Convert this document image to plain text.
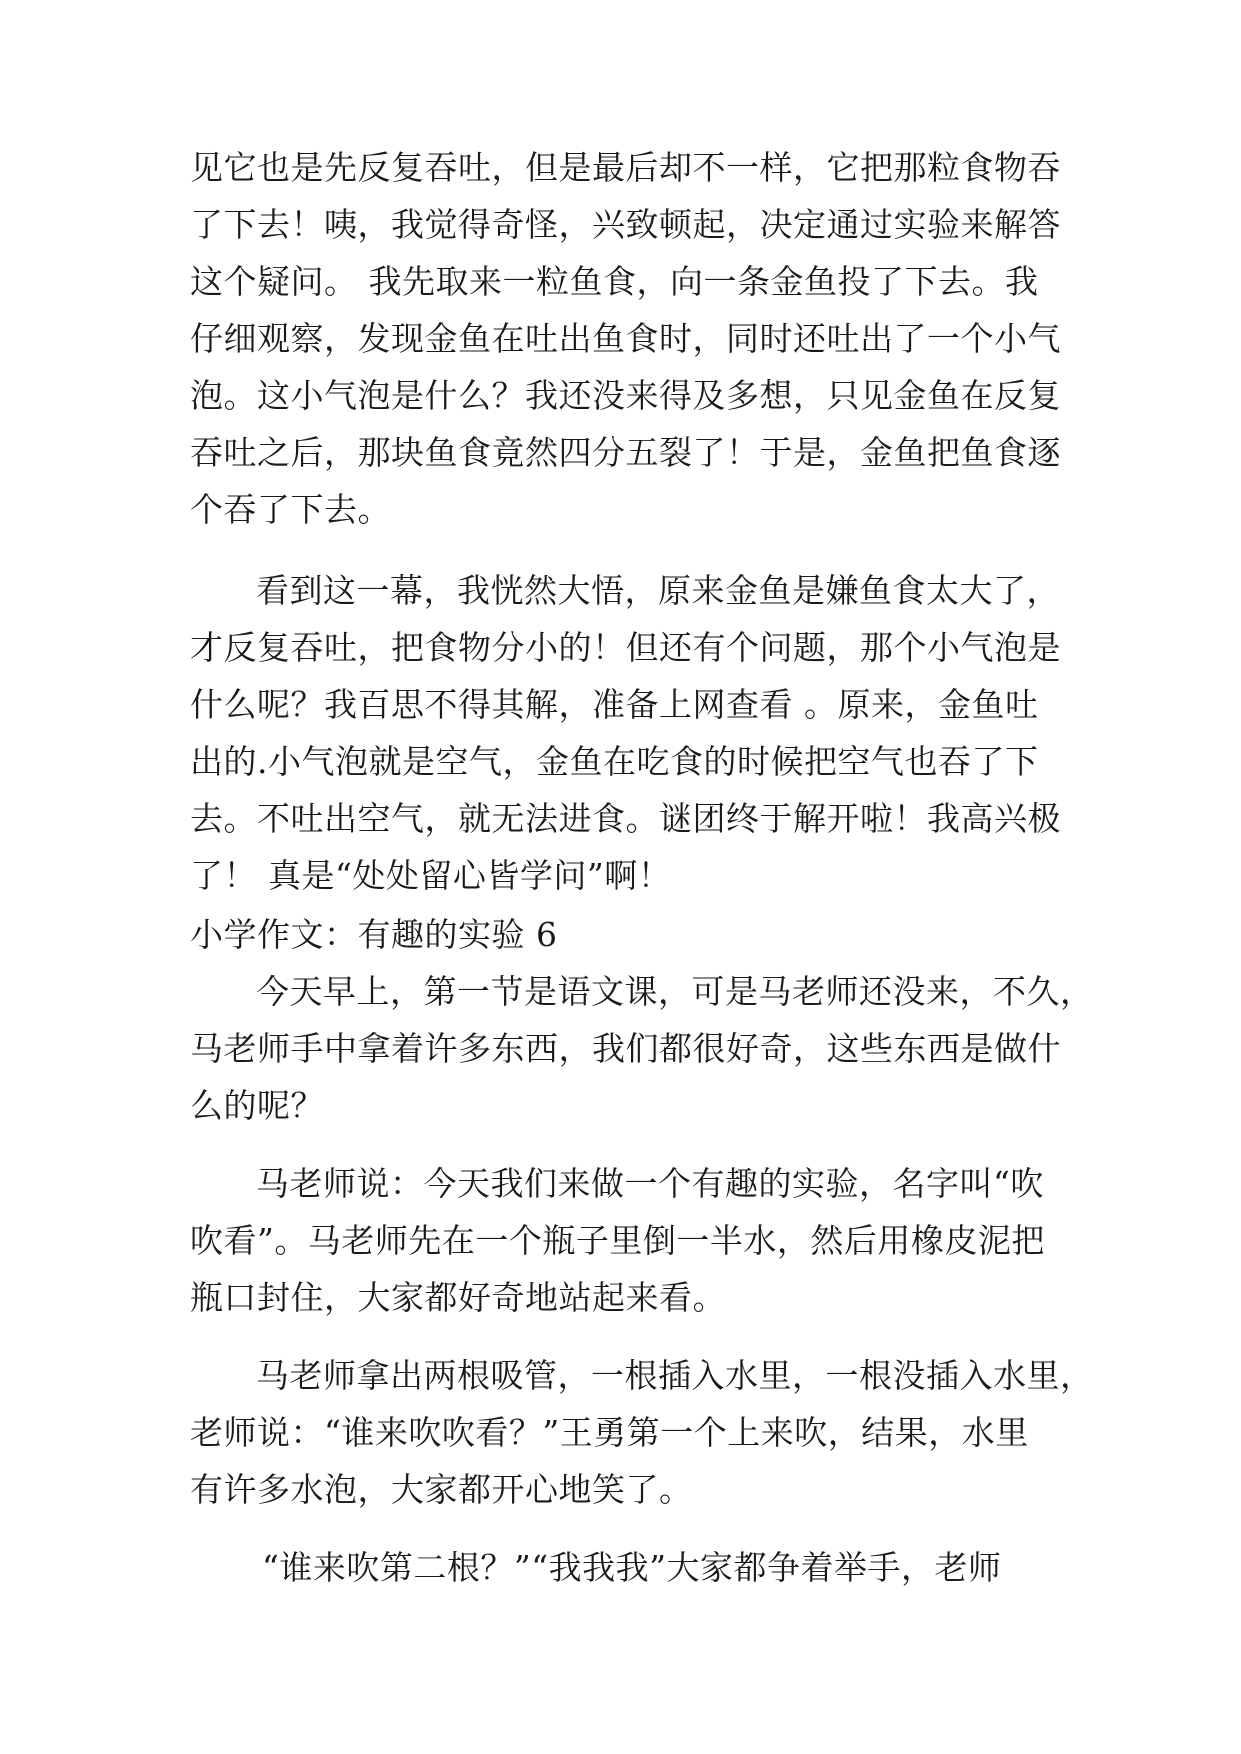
见它也是先反复吞吐，但是最后却不一样，它把那粒食物吞
了下去！咦，我觉得奇怪，兴致顿起，决定通过实验来解答
这个疑问。 我先取来一粒鱼食，向一条金鱼投了下去。我
仔细观察，发现金鱼在吐出鱼食时，同时还吐出了一个小气
泡。这小气泡是什么？我还没来得及多想，只见金鱼在反复
吞吐之后，那块鱼食竟然四分五裂了！于是，金鱼把鱼食逐
个吞了下去。
看到这一幕，我恍然大悟，原来金鱼是嫌鱼食太大了，
才反复吞吐，把食物分小的！但还有个问题，那个小气泡是
什么呢？我百思不得其解，准备上网查看 。原来，金鱼吐
出的.小气泡就是空气，金鱼在吃食的时候把空气也吞了下
去。不吐出空气，就无法进食。谜团终于解开啦！我高兴极
了！ 真是“处处留心皆学问”啊！
小学作文：有趣的实验 6
今天早上，第一节是语文课，可是马老师还没来，不久，
马老师手中拿着许多东西，我们都很好奇，这些东西是做什
么的呢？
马老师说：今天我们来做一个有趣的实验，名字叫“吹
吹看”。马老师先在一个瓶子里倒一半水，然后用橡皮泥把
瓶口封住，大家都好奇地站起来看。
马老师拿出两根吸管，一根插入水里，一根没插入水里，
老师说：“谁来吹吹看？”王勇第一个上来吹，结果，水里
有许多水泡，大家都开心地笑了。
“谁来吹第二根？”“我我我”大家都争着举手，老师
